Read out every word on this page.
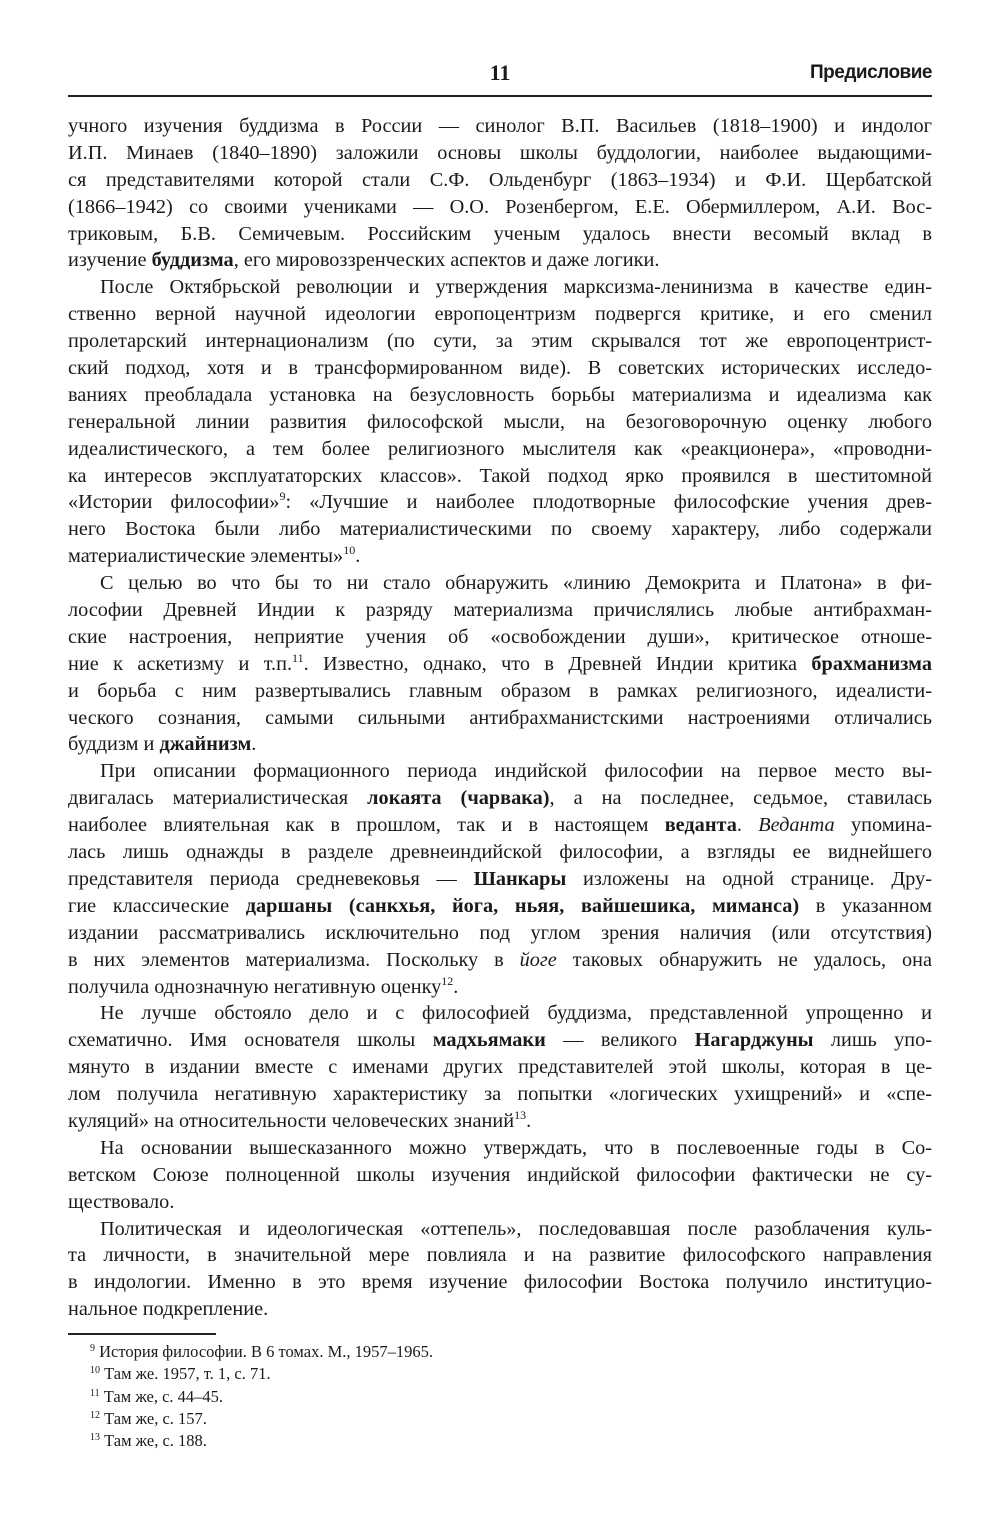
11	Предисловие
учного изучения буддизма в России — синолог В.П. Васильев (1818–1900) и индолог
И.П. Минаев (1840–1890) заложили основы школы буддологии, наиболее выдающими-
ся представителями которой стали С.Ф. Ольденбург (1863–1934) и Ф.И. Щербатской
(1866–1942) со своими учениками — О.О. Розенбергом, Е.Е. Обермиллером, А.И. Вос-
триковым, Б.В. Семичевым. Российским ученым удалось внести весомый вклад в
изучение буддизма, его мировоззренческих аспектов и даже логики.
После Октябрьской революции и утверждения марксизма-ленинизма в качестве един-
ственно верной научной идеологии европоцентризм подвергся критике, и его сменил
пролетарский интернационализм (по сути, за этим скрывался тот же европоцентрист-
ский подход, хотя и в трансформированном виде). В советских исторических исследо-
ваниях преобладала установка на безусловность борьбы материализма и идеализма как
генеральной линии развития философской мысли, на безоговорочную оценку любого
идеалистического, а тем более религиозного мыслителя как «реакционера», «проводни-
ка интересов эксплуататорских классов». Такой подход ярко проявился в шеститомной
«Истории философии»$^9$: «Лучшие и наиболее плодотворные философские учения древ-
него Востока были либо материалистическими по своему характеру, либо содержали
материалистические элементы»$^{10}$.
С целью во что бы то ни стало обнаружить «линию Демокрита и Платона» в фи-
лософии Древней Индии к разряду материализма причислялись любые антибрахман-
ские настроения, неприятие учения об «освобождении души», критическое отноше-
ние к аскетизму и т.п.$^{11}$. Известно, однако, что в Древней Индии критика брахманизма
и борьба с ним развертывались главным образом в рамках религиозного, идеалисти-
ческого сознания, самыми сильными антибрахманистскими настроениями отличались
буддизм и джайнизм.
При описании формационного периода индийской философии на первое место вы-
двигалась материалистическая локаята (чарвака), а на последнее, седьмое, ставилась
наиболее влиятельная как в прошлом, так и в настоящем веданта. Веданта упомина-
лась лишь однажды в разделе древнеиндийской философии, а взгляды ее виднейшего
представителя периода средневековья — Шанкары изложены на одной странице. Дру-
гие классические даршаны (санкхья, йога, ньяя, вайшешика, миманса) в указанном
издании рассматривались исключительно под углом зрения наличия (или отсутствия)
в них элементов материализма. Поскольку в йоге таковых обнаружить не удалось, она
получила однозначную негативную оценку$^{12}$.
Не лучше обстояло дело и с философией буддизма, представленной упрощенно и
схематично. Имя основателя школы мадхьямаки — великого Нагарджуны лишь упо-
мянуто в издании вместе с именами других представителей этой школы, которая в це-
лом получила негативную характеристику за попытки «логических ухищрений» и «спе-
куляций» на относительности человеческих знаний$^{13}$.
На основании вышесказанного можно утверждать, что в послевоенные годы в Со-
ветском Союзе полноценной школы изучения индийской философии фактически не су-
ществовало.
Политическая и идеологическая «оттепель», последовавшая после разоблачения куль-
та личности, в значительной мере повлияла и на развитие философского направления
в индологии. Именно в это время изучение философии Востока получило институцио-
нальное подкрепление.
$^9$ История философии. В 6 томах. М., 1957–1965.
$^{10}$ Там же. 1957, т. 1, с. 71.
$^{11}$ Там же, с. 44–45.
$^{12}$ Там же, с. 157.
$^{13}$ Там же, с. 188.
